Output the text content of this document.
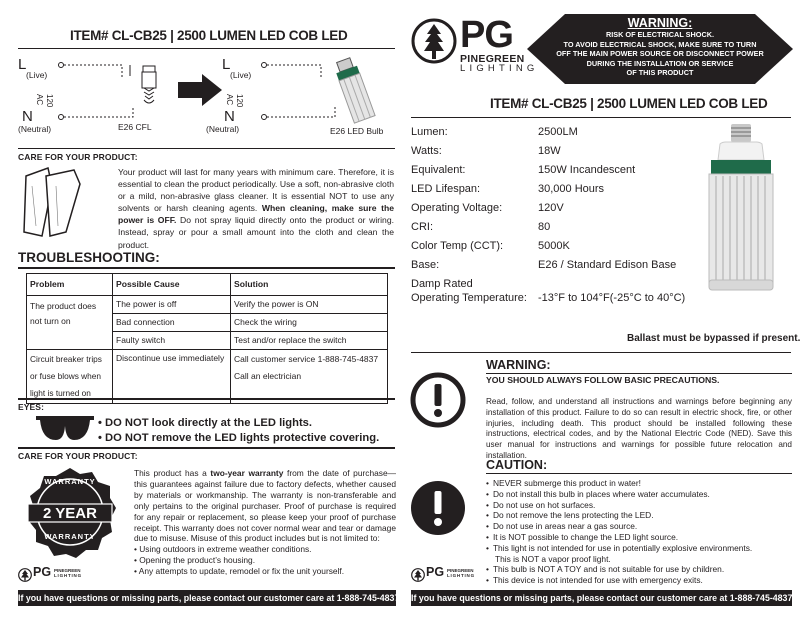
ITEM# CL-CB25 | 2500 LUMEN LED COB LED
L
(Live)
N
(Neutral)
120
AC
E26 CFL
L
(Live)
N
(Neutral)
120
AC
E26 LED Bulb
CARE FOR YOUR PRODUCT:
Your product will last for many years with minimum care. Therefore, it is essential to clean the product periodically. Use a soft, non-abrasive cloth or a mild, non-abrasive glass cleaner. It is essential NOT to use any solvents or harsh cleaning agents. When cleaning, make sure the power is OFF. Do not spray liquid directly onto the product or wiring. Instead, spray or pour a small amount into the cloth and clean the product.
TROUBLESHOOTING:
Problem	Possible Cause	Solution
The product does not turn on	The power is off	Verify the power is ON
	Bad connection	Check the wiring
	Faulty switch	Test and/or replace the switch
Circuit breaker trips or fuse blows when light is turned on	Discontinue use immediately	Call customer service 1-888-745-4837
Call an electrician
EYES:
• DO NOT look directly at the LED lights.
• DO NOT remove the LED lights protective covering.
CARE FOR YOUR PRODUCT:
WARRANTY
2 YEAR
WARRANTY
This product has a two-year warranty from the date of purchase—this guarantees against failure due to factory defects, whether caused by materials or workmanship. The warranty is non-transferable and only pertains to the original purchaser. Proof of purchase is required for any repair or replacement, so please keep your proof of purchase receipt. This warranty does not cover normal wear and tear or damage due to misuse. Misuse of this product includes but is not limited to:
• Using outdoors in extreme weather conditions.
• Opening the product’s housing.
• Any attempts to update, remodel or fix the unit yourself.
PG PINEGREEN
LIGHTING
If you have questions or missing parts, please contact our customer care at 1-888-745-4837
PG
PINEGREEN
LIGHTING
WARNING:
RISK OF ELECTRICAL SHOCK.
TO AVOID ELECTRICAL SHOCK, MAKE SURE TO TURN
OFF THE MAIN POWER SOURCE OR DISCONNECT POWER
DURING THE INSTALLATION OR SERVICE
OF THIS PRODUCT
ITEM# CL-CB25 | 2500 LUMEN LED COB LED
Lumen:	2500LM
Watts:	18W
Equivalent:	150W Incandescent
LED Lifespan:	30,000 Hours
Operating Voltage:	120V
CRI:	80
Color Temp (CCT):	5000K
Base:	E26 / Standard Edison Base
Damp Rated
Operating Temperature: -13°F to 104°F(-25°C to 40°C)
Ballast must be bypassed if present.
WARNING:
YOU SHOULD ALWAYS FOLLOW BASIC PRECAUTIONS.
Read, follow, and understand all instructions and warnings before beginning any installation of this product. Failure to do so can result in electric shock, fire, or other injuries, including death. This product should be installed following these instructions, electrical codes, and by the National Electric Code (NED). Save this user manual for instructions and warnings for possible future relocation and installation.
CAUTION:
• NEVER submerge this product in water!
• Do not install this bulb in places where water accumulates.
• Do not use on hot surfaces.
• Do not remove the lens protecting the LED.
• Do not use in areas near a gas source.
• It is NOT possible to change the LED light source.
• This light is not intended for use in potentially explosive environments.
This is NOT a vapor proof light.
• This bulb is NOT A TOY and is not suitable for use by children.
• This device is not intended for use with emergency exits.
PG PINEGREEN
LIGHTING
If you have questions or missing parts, please contact our customer care at 1-888-745-4837
